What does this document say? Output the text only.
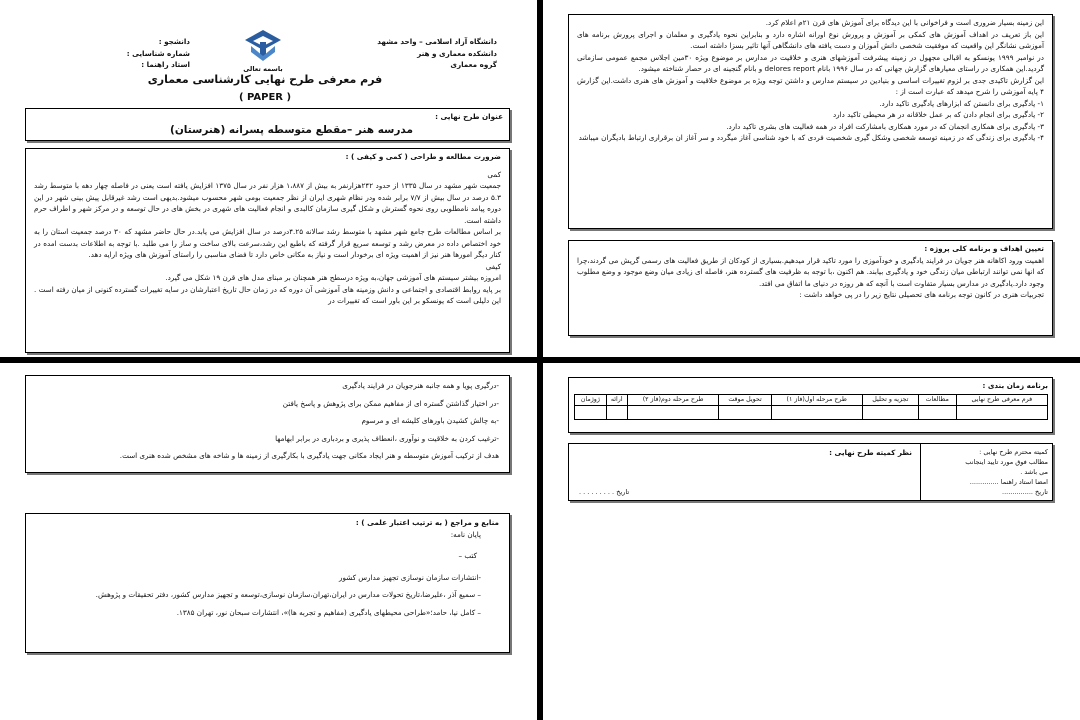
دانشگاه آزاد اسلامی – واحد مشهد

دانشکده معماری و هنر

گروه معماری

دانشجو :

شماره شناسایی :

استاد راهنما :	باسمه تعالی
فرم معرفی طرح نهایی کارشناسی معماری
( PAPER )

عنوان طرح نهایی :

مدرسه هنر –مقطع متوسطه پسرانه (هنرستان)

ضرورت مطالعه و طراحی ( کمی و کیفی ) :

کمی

جمعیت شهر مشهد در سال ۱۳۳۵ از حدود ۲۴۲هزارنفر به بیش از ۱،۸۸۷ هزار نفر در سال ۱۳۷۵ افزایش یافته است یعنی در فاصله چهار دهه با متوسط رشد ۵.۳ درصد در سال بیش از ۷/۷ برابر شده ودر نظام شهری ایران از نظر جمعیت بومی شهر محسوب میشود.بدیهی است رشد غیرقابل پیش بینی شهر در این دوره پیامد نامطلوبی روی نحوه گسترش و شکل گیری سازمان کالبدی و انجام فعالیت های شهری در بخش های در حال توسعه و در مرکز شهر و اطراف حرم داشته است.

بر اساس مطالعات طرح جامع شهر مشهد با متوسط رشد سالانه ۴.۲۵درصد در سال افزایش می یابد.در حال حاضر مشهد که ۳۰ درصد جمعیت استان را به خود اختصاص داده در معرض رشد و توسعه سریع قرار گرفته که باطبع این رشد،سرعت بالای ساخت و ساز را می طلبد .با توجه به اطلاعات بدست امده در کنار دیگر امورها هنر نیز از اهمیت ویژه ای برخودار است و نیاز به مکانی خاص دارد تا فضای مناسبی را راستای آموزش های ویژه ارایه دهد.

کیفی

امروزه بیشتر سیستم های آموزشی جهان،به ویژه درسطح هنر همچنان بر مبنای مدل های قرن ۱۹ شکل می گیرد.

بر پایه روابط اقتصادی و اجتماعی و دانش وزمینه های آموزشی آن دوره که در زمان حال تاریخ اعتبارشان در سایه تغییرات گسترده کنونی از میان رفته است . این دلیلی است که یونسکو بر این باور است که تغییرات در

این زمینه بسیار ضروری است و فراخوانی با این دیدگاه برای آموزش های قرن ۲۱م اعلام کرد.

این باز تعریف در اهداف آموزش های کمکی بر آموزش و پرورش نوع اورانه اشاره دارد و بنابراین نحوه یادگیری و معلمان و اجرای پرورش برنامه های آموزشی نشانگر این واقعیت که موفقیت شخصی دانش آموزان و دست یافته های دانشگاهی آنها تاثیر بسزا داشته است.

در نوامبر ۱۹۹۹ یونسکو به اقبالی مجهول در زمینه پیشرفت آموزشهای هنری و خلاقیت در مدارس بر موضوع ویژه ۳۰مین اجلاس مجمع عمومی سازمانی گردید.این همکاری در راستای معیارهای گزارش جهانی که در سال ۱۹۹۶ بانام delores report و بانام گنجینه ای در حصار شناخته میشود.

این گزارش تاکیدی جدی بر لزوم تغییرات اساسی و بنیادین در سیستم مدارس و داشتن توجه ویژه بر موضوع خلاقیت و آموزش های هنری داشت.این گزارش ۴ پایه آموزشی را شرح میدهد که عبارت است از :

۱- یادگیری برای دانستن که ابزارهای یادگیری تاکید دارد.

۲- یادگیری برای انجام دادن که بر عمل خلاقانه در هر محیطی تاکید دارد

۳- یادگیری برای همکاری انجمان که در مورد همکاری بامشارکت افراد در همه فعالیت های بشری تاکید دارد.

۴- یادگیری برای زندگی که در زمینه توسعه شخصی وشکل گیری شخصیت فردی که با خود شناسی آغاز میگردد و سر آغاز ان برقراری ارتباط بادیگران میباشد

تعیین اهداف و برنامه کلی پروژه :

اهمیت ورود اکاهانه هنر جویان در فرایند یادگیری و خودآموزی را مورد تاکید قرار میدهیم.بسیاری از کودکان از طریق فعالیت های رسمی گریش می گردند،چرا که انها نمی توانند ارتباطی میان زندگی خود و یادگیری بیابند. هم اکنون ،با توجه به ظرفیت های گسترده هنر، فاصله ای زیادی میان وضع موجود و وضع مطلوب وجود دارد.یادگیری در مدارس بسیار متفاوت است با آنچه که هر روزه در دنیای ما اتفاق می افتد.

تجربیات هنری در کانون توجه برنامه های تحصیلی نتایج زیر را در پی خواهد داشت :

-درگیری پویا و همه جانبه هنرجویان در فرایند یادگیری

-در اختیار گذاشتن گستره ای از مفاهیم ممکن برای پژوهش و پاسخ یافتن

-به چالش کشیدن باورهای کلیشه ای و مرسوم

-ترغیب کردن به خلاقیت و نوآوری ،انعطاف پذیری و بردباری در برابر ابهامها

هدف از ترکیب آموزش متوسطه و هنر ایجاد مکانی جهت یادگیری با بکارگیری از زمینه ها و شاخه های مشخص شده هنری است.

منابع و مراجع ( به ترتیب اعتبار علمی ) :

پایان نامه:

کتب –

-انتشارات سازمان نوسازی تجهیز مدارس کشور

– سمیع آذر ،علیرضا،تاریخ تحولات مدارس در ایران،تهران،سازمان نوسازی،توسعه و تجهیز مدارس کشور، دفتر تحقیقات و پژوهش.

– کامل نیا، حامد؛«طراحی محیطهای یادگیری (مفاهیم و تجربه ها)»، انتشارات سبحان نور، تهران ۱۳۸۵.

برنامه زمان بندی :

فرم معرفی طرح نهایی	مطالعات	تجزیه و تحلیل	طرح مرحله اول(فاز ۱)	تحویل موقت	طرح مرحله دوم(فاز ۲)	ارائه	ژوژمان

کمیته محترم طرح نهایی :

مطالب فوق مورد تایید اینجانب

می باشد .

امضا استاد راهنما ..............

تاریخ ...............

نظر کمیته طرح نهایی :

تاریخ . . . . . . . . .
